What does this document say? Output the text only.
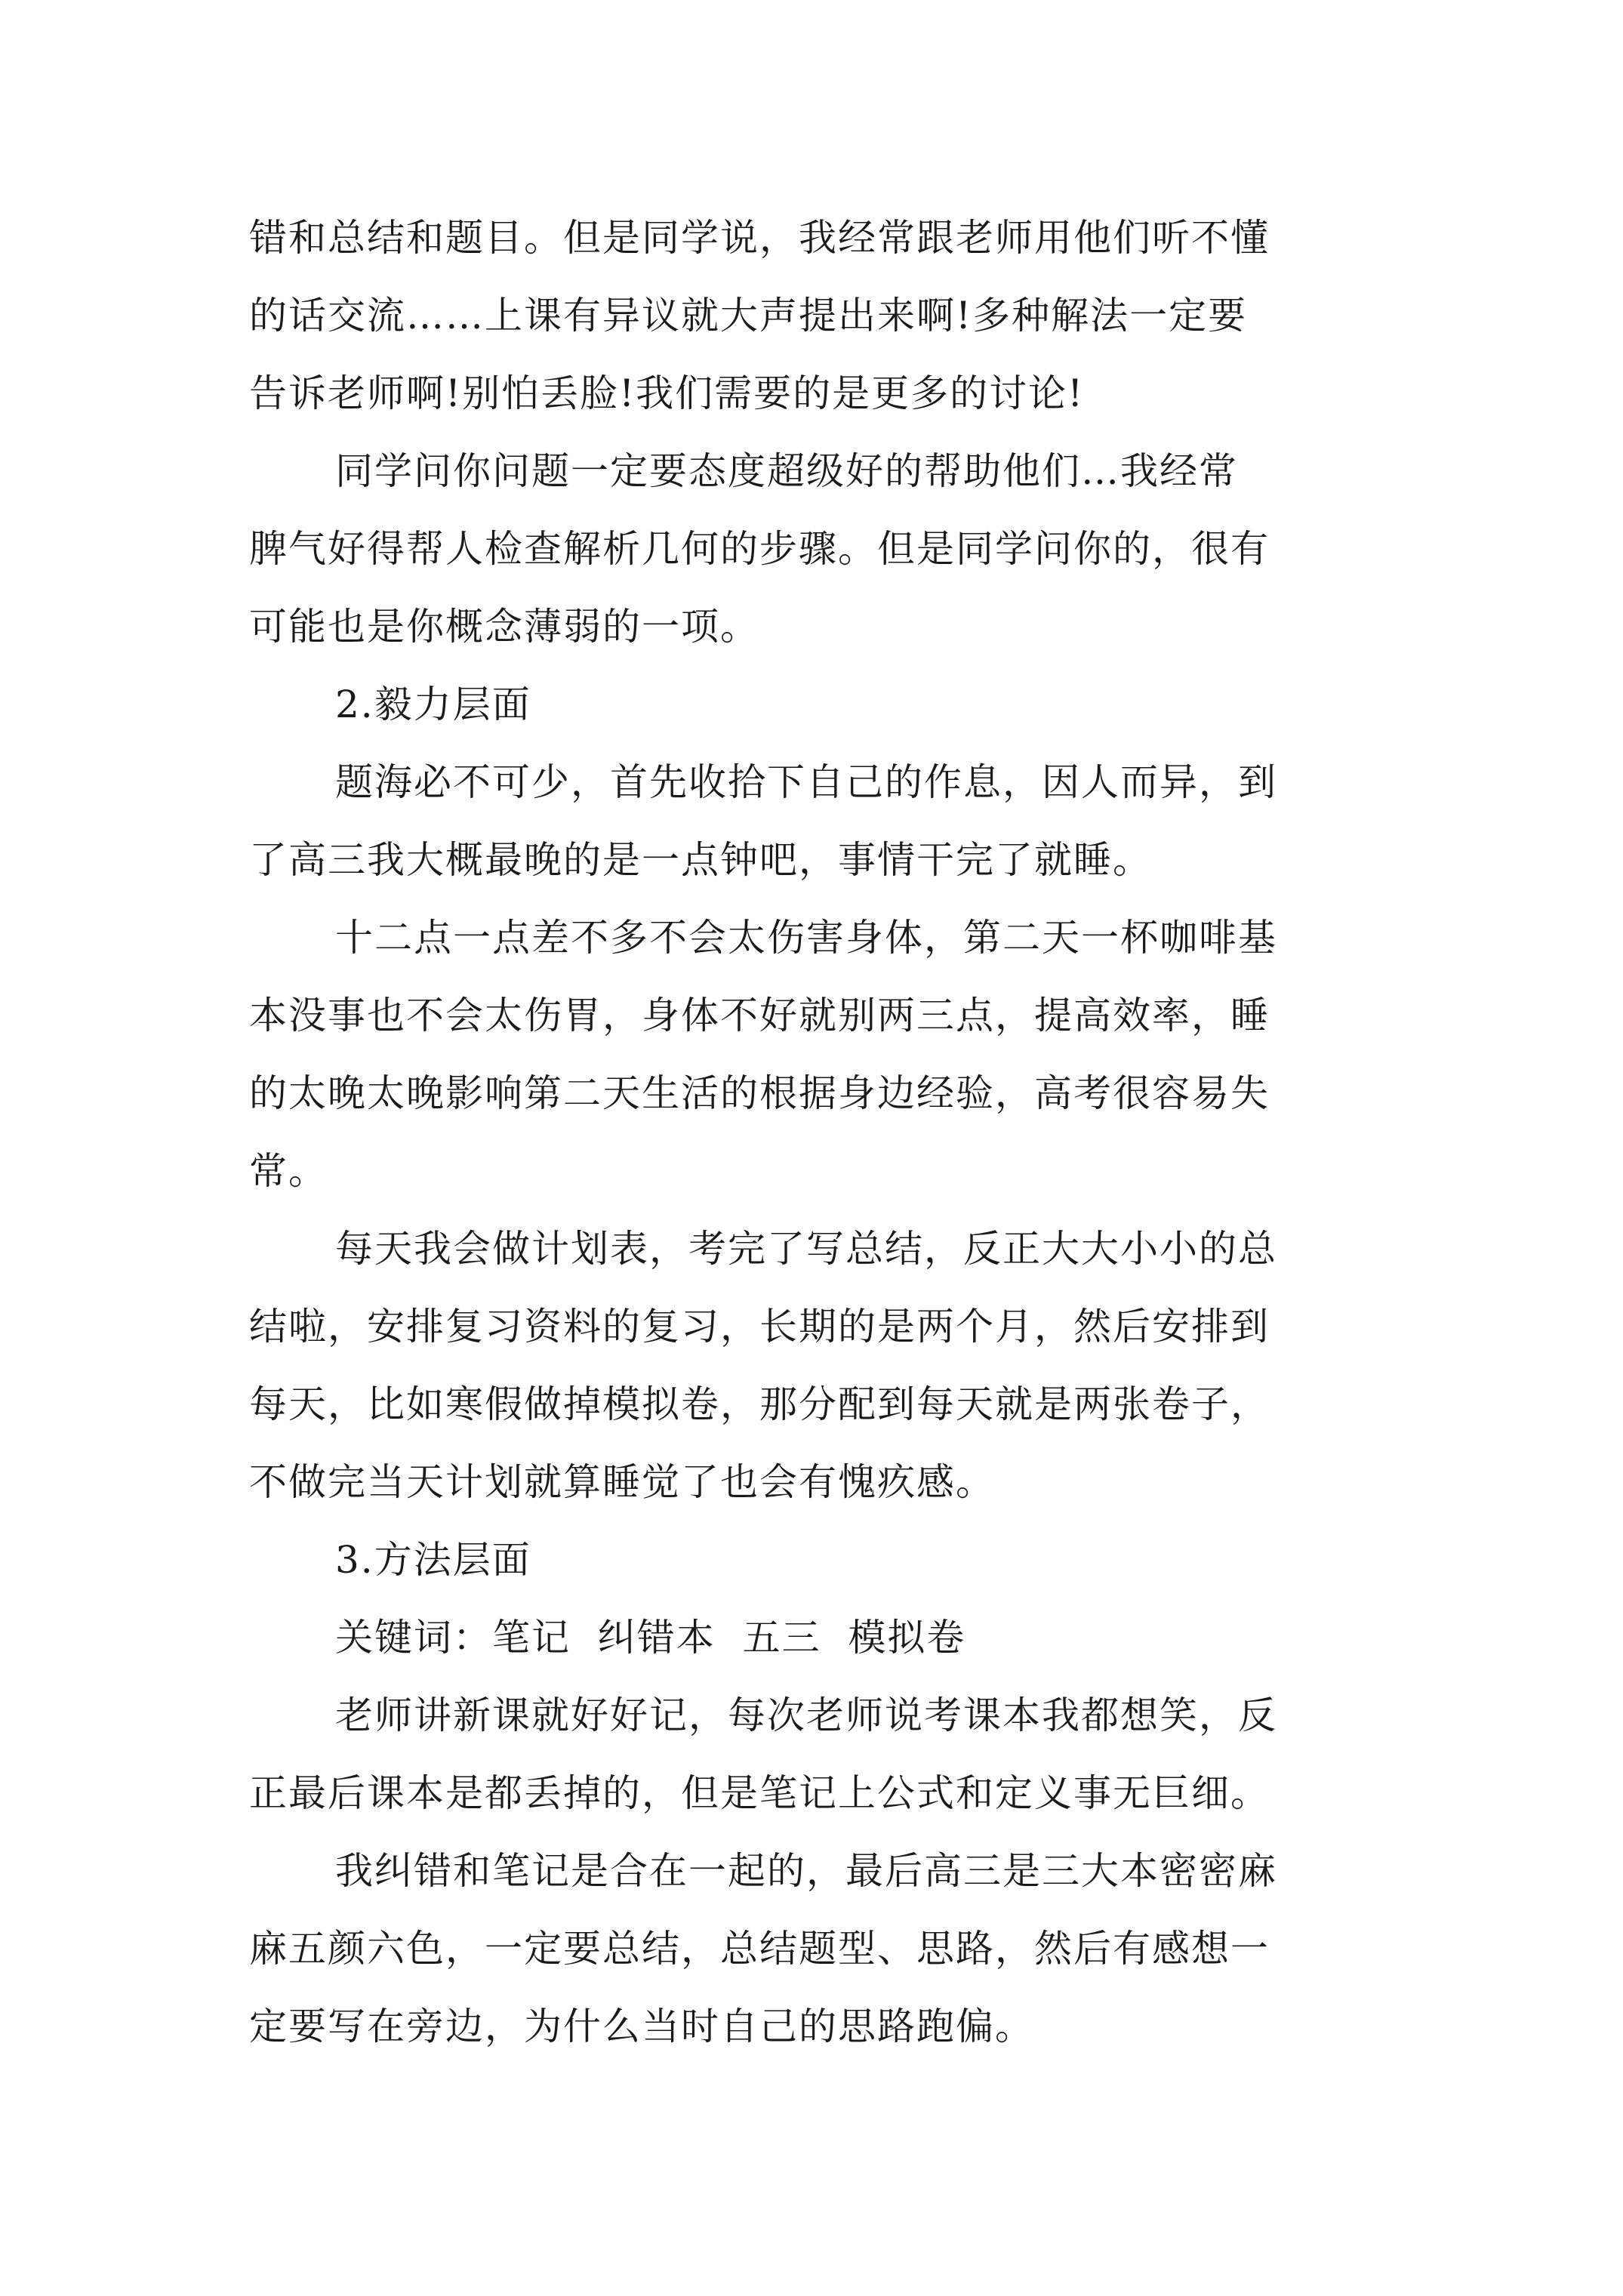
错和总结和题目。但是同学说，我经常跟老师用他们听不懂
的话交流……上课有异议就大声提出来啊!多种解法一定要
告诉老师啊!别怕丢脸!我们需要的是更多的讨论!
同学问你问题一定要态度超级好的帮助他们…我经常
脾气好得帮人检查解析几何的步骤。但是同学问你的，很有
可能也是你概念薄弱的一项。
2.毅力层面
题海必不可少，首先收拾下自己的作息，因人而异，到
了高三我大概最晚的是一点钟吧，事情干完了就睡。
十二点一点差不多不会太伤害身体，第二天一杯咖啡基
本没事也不会太伤胃，身体不好就别两三点，提高效率，睡
的太晚太晚影响第二天生活的根据身边经验，高考很容易失
常。
每天我会做计划表，考完了写总结，反正大大小小的总
结啦，安排复习资料的复习，长期的是两个月，然后安排到
每天，比如寒假做掉模拟卷，那分配到每天就是两张卷子，
不做完当天计划就算睡觉了也会有愧疚感。
3.方法层面
关键词：笔记  纠错本  五三  模拟卷
老师讲新课就好好记，每次老师说考课本我都想笑，反
正最后课本是都丢掉的，但是笔记上公式和定义事无巨细。
我纠错和笔记是合在一起的，最后高三是三大本密密麻
麻五颜六色，一定要总结，总结题型、思路，然后有感想一
定要写在旁边，为什么当时自己的思路跑偏。
